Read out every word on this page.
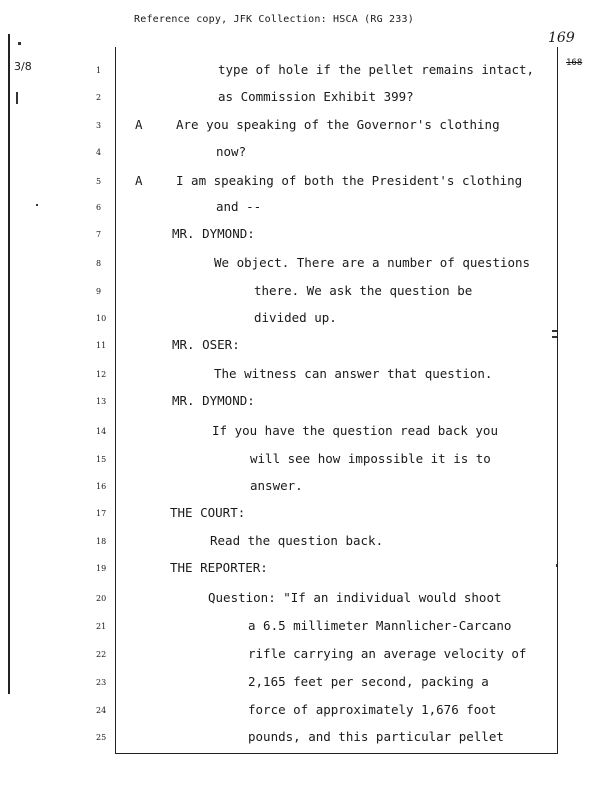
Reference copy, JFK Collection: HSCA (RG 233)
169
168
3/8	1	type of hole if the pellet remains intact,
2	as Commission Exhibit 399?
3	A	Are you speaking of the Governor's clothing
4	now?
5	A	I am speaking of both the President's clothing
6	and --
7	MR. DYMOND:
8	We object. There are a number of questions
9	there. We ask the question be
10	divided up.
11	MR. OSER:
12	The witness can answer that question.
13	MR. DYMOND:
14	If you have the question read back you
15	will see how impossible it is to
16	answer.
17	THE COURT:
18	Read the question back.
19	THE REPORTER:
20	Question: "If an individual would shoot
21	a 6.5 millimeter Mannlicher-Carcano
22	rifle carrying an average velocity of
23	2,165 feet per second, packing a
24	force of approximately 1,676 foot
25	pounds, and this particular pellet
